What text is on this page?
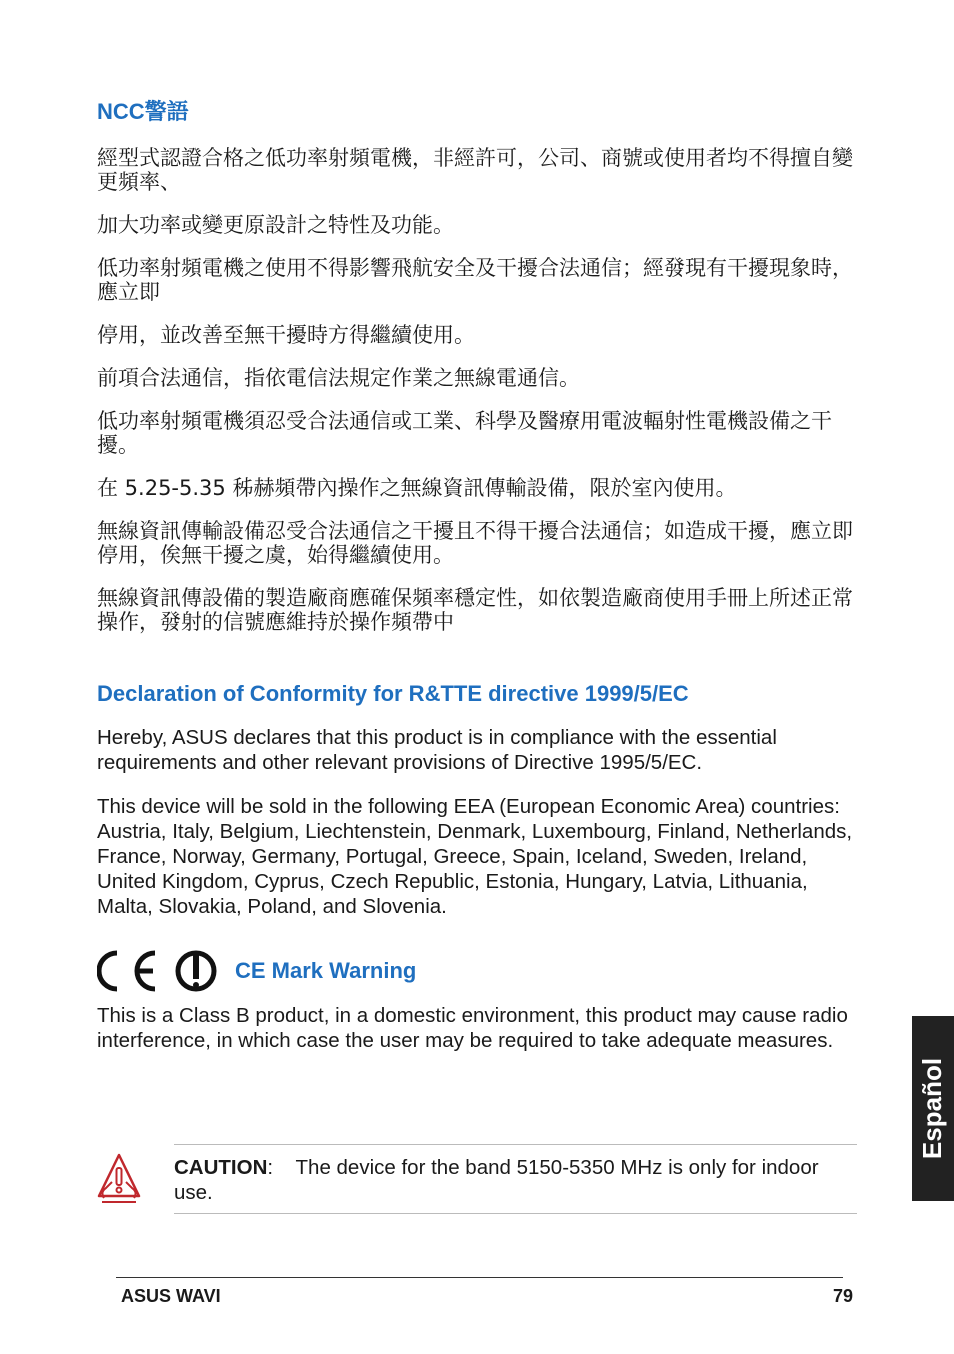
NCC警語

經型式認證合格之低功率射頻電機，非經許可，公司、商號或使用者均不得擅自變更頻率、

加大功率或變更原設計之特性及功能。

低功率射頻電機之使用不得影響飛航安全及干擾合法通信；經發現有干擾現象時，應立即

停用，並改善至無干擾時方得繼續使用。

前項合法通信，指依電信法規定作業之無線電通信。

低功率射頻電機須忍受合法通信或工業、科學及醫療用電波輻射性電機設備之干擾。

在 5.25-5.35 秭赫頻帶內操作之無線資訊傳輸設備，限於室內使用。

無線資訊傳輸設備忍受合法通信之干擾且不得干擾合法通信；如造成干擾，應立即停用，俟無干擾之虞，始得繼續使用。

無線資訊傳設備的製造廠商應確保頻率穩定性，如依製造廠商使用手冊上所述正常操作，發射的信號應維持於操作頻帶中

Declaration of Conformity for R&TTE directive 1999/5/EC

Hereby, ASUS declares that this product is in compliance with the essential requirements and other relevant provisions of Directive 1995/5/EC.

This device will be sold in the following EEA (European Economic Area) countries: Austria, Italy, Belgium, Liechtenstein, Denmark, Luxembourg, Finland, Netherlands, France, Norway, Germany, Portugal, Greece, Spain, Iceland, Sweden, Ireland, United Kingdom, Cyprus, Czech Republic, Estonia, Hungary, Latvia, Lithuania, Malta, Slovakia, Poland, and Slovenia.

CE Mark Warning

This is a Class B product, in a domestic environment, this product may cause radio interference, in which case the user may be required to take adequate measures.

CAUTION: The device for the band 5150-5350 MHz is only for indoor use.
Español
ASUS WAVI	79
